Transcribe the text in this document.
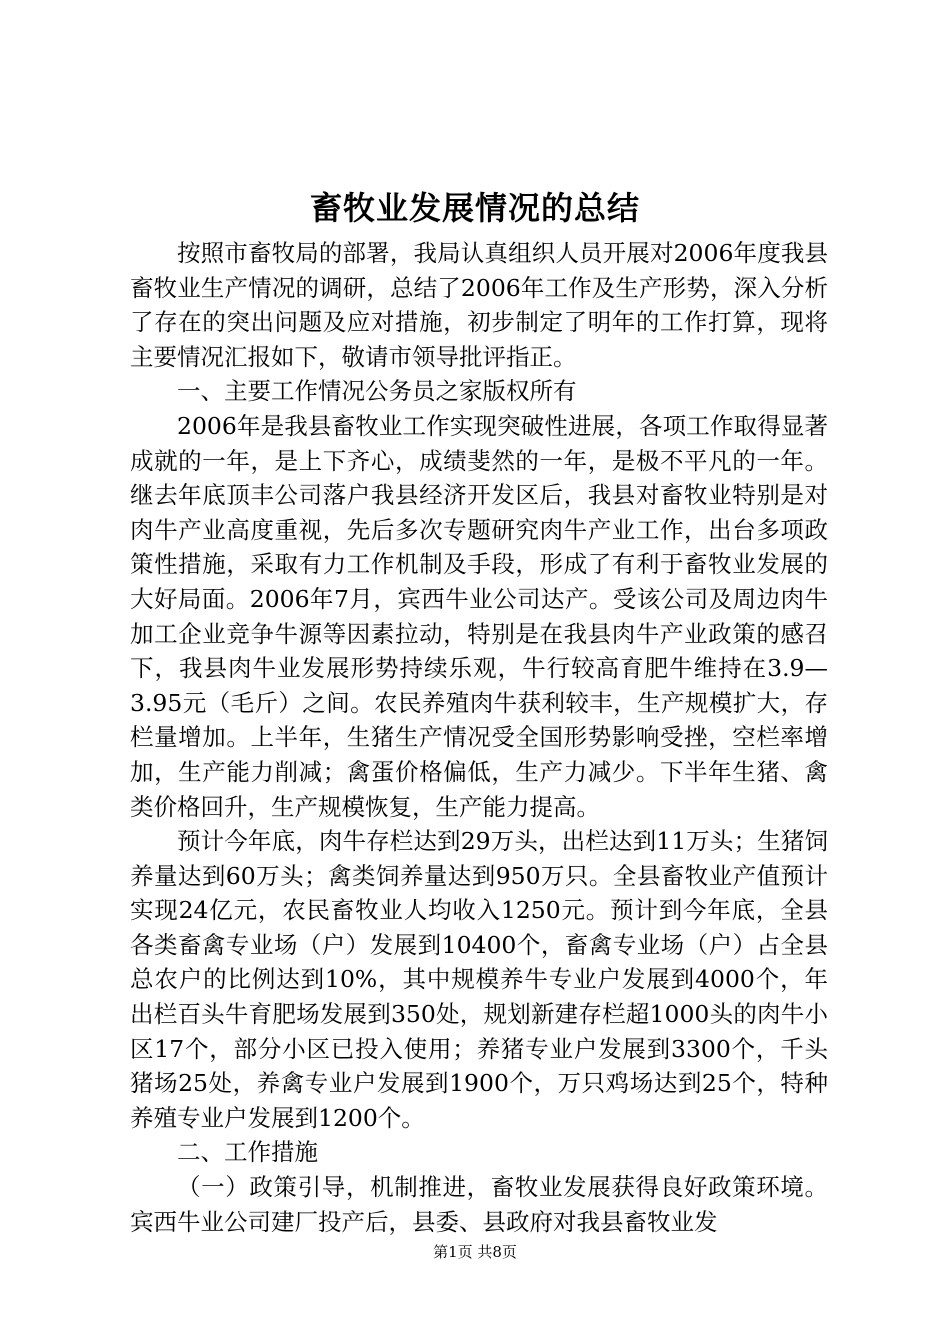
畜牧业发展情况的总结

按照市畜牧局的部署，我局认真组织人员开展对2006年度我县畜牧业生产情况的调研，总结了2006年工作及生产形势，深入分析了存在的突出问题及应对措施，初步制定了明年的工作打算，现将主要情况汇报如下，敬请市领导批评指正。

一、主要工作情况公务员之家版权所有

2006年是我县畜牧业工作实现突破性进展，各项工作取得显著成就的一年，是上下齐心，成绩斐然的一年，是极不平凡的一年。继去年底顶丰公司落户我县经济开发区后，我县对畜牧业特别是对肉牛产业高度重视，先后多次专题研究肉牛产业工作，出台多项政策性措施，采取有力工作机制及手段，形成了有利于畜牧业发展的大好局面。2006年7月，宾西牛业公司达产。受该公司及周边肉牛加工企业竞争牛源等因素拉动，特别是在我县肉牛产业政策的感召下，我县肉牛业发展形势持续乐观，牛行较高育肥牛维持在3.9—3.95元（毛斤）之间。农民养殖肉牛获利较丰，生产规模扩大，存栏量增加。上半年，生猪生产情况受全国形势影响受挫，空栏率增加，生产能力削减；禽蛋价格偏低，生产力减少。下半年生猪、禽类价格回升，生产规模恢复，生产能力提高。

预计今年底，肉牛存栏达到29万头，出栏达到11万头；生猪饲养量达到60万头；禽类饲养量达到950万只。全县畜牧业产值预计实现24亿元，农民畜牧业人均收入1250元。预计到今年底，全县各类畜禽专业场（户）发展到10400个，畜禽专业场（户）占全县总农户的比例达到10%，其中规模养牛专业户发展到4000个，年出栏百头牛育肥场发展到350处，规划新建存栏超1000头的肉牛小区17个，部分小区已投入使用；养猪专业户发展到3300个，千头猪场25处，养禽专业户发展到1900个，万只鸡场达到25个，特种养殖专业户发展到1200个。

二、工作措施

（一）政策引导，机制推进，畜牧业发展获得良好政策环境。宾西牛业公司建厂投产后，县委、县政府对我县畜牧业发

第1页 共8页
